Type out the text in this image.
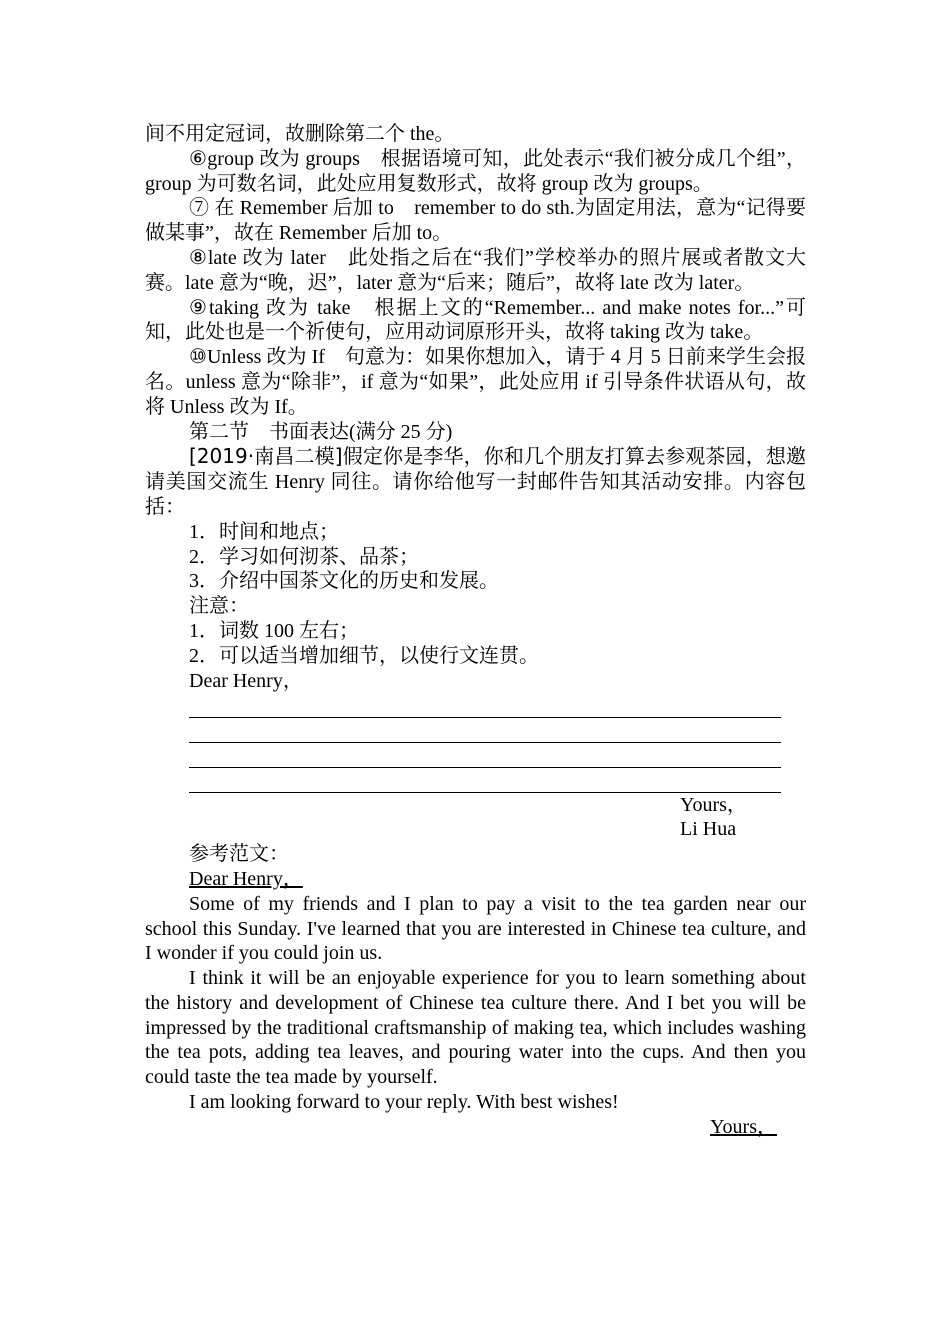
间不用定冠词，故删除第二个 the。

⑥group 改为 groups　根据语境可知，此处表示“我们被分成几个组”，group 为可数名词，此处应用复数形式，故将 group 改为 groups。

⑦ 在 Remember 后加 to　remember to do sth.为固定用法，意为“记得要做某事”，故在 Remember 后加 to。

⑧late 改为 later　此处指之后在“我们”学校举办的照片展或者散文大赛。late 意为“晚，迟”，later 意为“后来；随后”，故将 late 改为 later。

⑨taking 改为 take　根据上文的“Remember... and make notes for...”可知，此处也是一个祈使句，应用动词原形开头，故将 taking 改为 take。

⑩Unless 改为 If　句意为：如果你想加入，请于 4 月 5 日前来学生会报名。unless 意为“除非”，if 意为“如果”，此处应用 if 引导条件状语从句，故将 Unless 改为 If。

第二节　书面表达(满分 25 分)

[2019·南昌二模]假定你是李华，你和几个朋友打算去参观茶园，想邀请美国交流生 Henry 同往。请你给他写一封邮件告知其活动安排。内容包括：

1．时间和地点；

2．学习如何沏茶、品茶；

3．介绍中国茶文化的历史和发展。

注意：

1．词数 100 左右；

2．可以适当增加细节，以使行文连贯。

Dear Henry，

Yours，

Li Hua

参考范文：

Dear Henry，

Some of my friends and I plan to pay a visit to the tea garden near our school this Sunday. I've learned that you are interested in Chinese tea culture, and I wonder if you could join us.

I think it will be an enjoyable experience for you to learn something about the history and development of Chinese tea culture there. And I bet you will be impressed by the traditional craftsmanship of making tea, which includes washing the tea pots, adding tea leaves, and pouring water into the cups. And then you could taste the tea made by yourself.

I am looking forward to your reply. With best wishes!

Yours，
